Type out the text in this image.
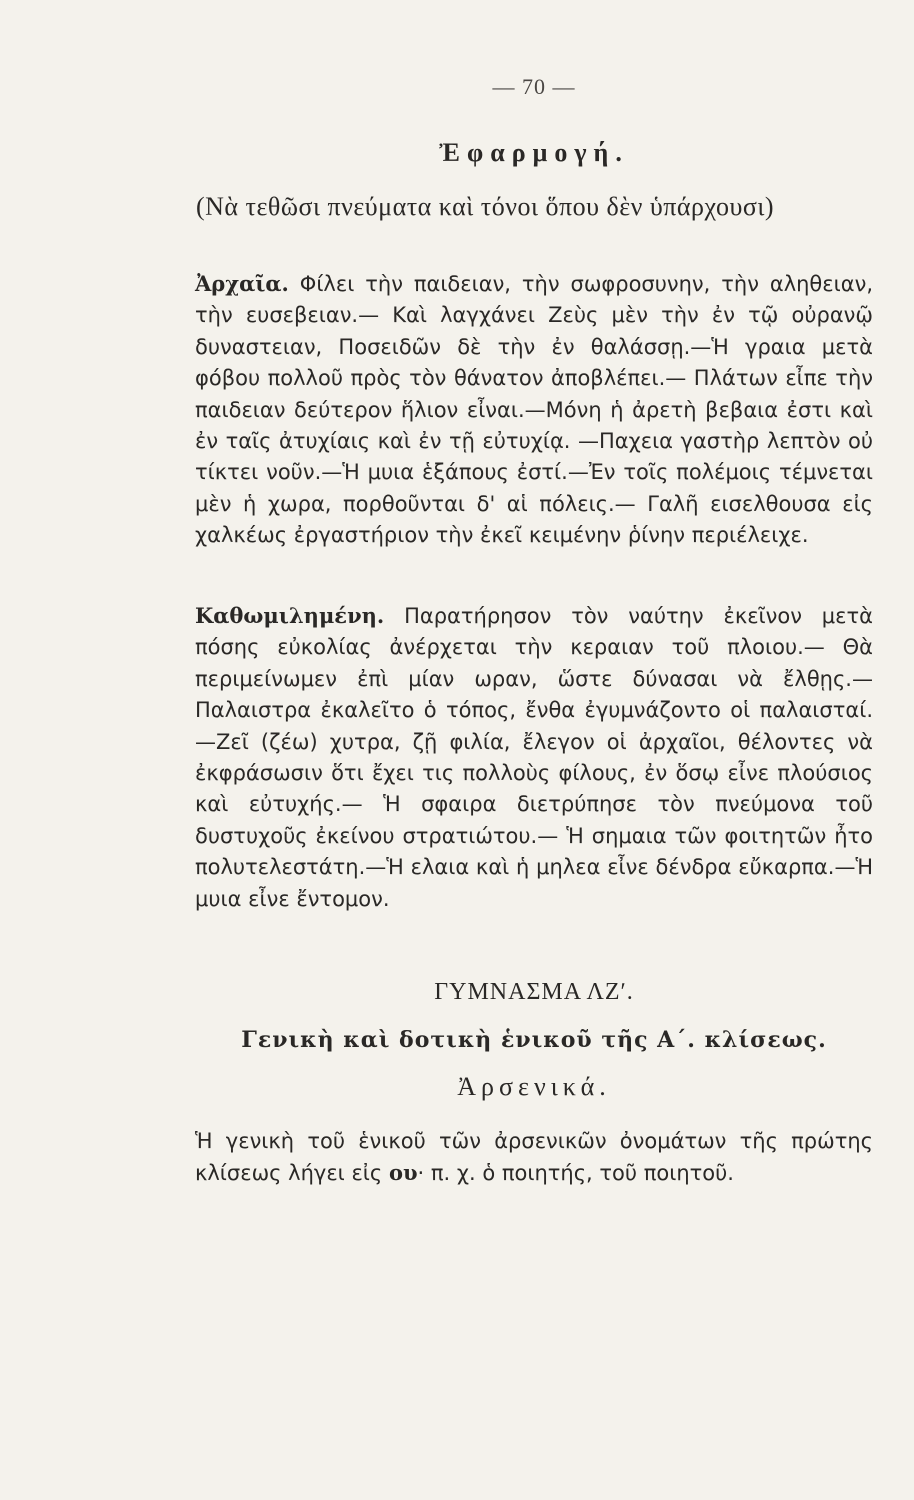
— 70 —
Ἐφαρμογή.
(Νὰ τεθῶσι πνεύματα καὶ τόνοι ὅπου δὲν ὑπάρχουσι)
Ἀρχαῖα. Φίλει τὴν παιδειαν, τὴν σωφροσυνην, τὴν αληθειαν, τὴν ευσεβειαν.— Καὶ λαγχάνει Ζεὺς μὲν τὴν ἐν τῷ οὐρανῷ δυναστειαν, Ποσειδῶν δὲ τὴν ἐν θαλάσσῃ.—Ἡ γραια μετὰ φόβου πολλοῦ πρὸς τὸν θάνατον ἀποβλέπει.— Πλάτων εἶπε τὴν παιδειαν δεύτερον ἥλιον εἶναι.—Μόνη ἡ ἀρετὴ βεβαια ἐστι καὶ ἐν ταῖς ἀτυχίαις καὶ ἐν τῇ εὐτυχίᾳ. —Παχεια γαστὴρ λεπτὸν οὐ τίκτει νοῦν.—Ἡ μυια ἑξάπους ἐστί.—Ἐν τοῖς πολέμοις τέμνεται μὲν ἡ χωρα, πορθοῦνται δ' αἱ πόλεις.— Γαλῆ εισελθουσα εἰς χαλκέως ἐργαστήριον τὴν ἐκεῖ κειμένην ῥίνην περιέλειχε.
Καθωμιλημένη. Παρατήρησον τὸν ναύτην ἐκεῖνον μετὰ πόσης εὐκολίας ἀνέρχεται τὴν κεραιαν τοῦ πλοιου.— Θὰ περιμείνωμεν ἐπὶ μίαν ωραν, ὥστε δύνασαι νὰ ἔλθῃς.— Παλαιστρα ἐκαλεῖτο ὁ τόπος, ἔνθα ἐγυμνάζοντο οἱ παλαισταί.—Ζεῖ (ζέω) χυτρα, ζῇ φιλία, ἔλεγον οἱ ἀρχαῖοι, θέλοντες νὰ ἐκφράσωσιν ὅτι ἔχει τις πολλοὺς φίλους, ἐν ὅσῳ εἶνε πλούσιος καὶ εὐτυχής.— Ἡ σφαιρα διετρύπησε τὸν πνεύμονα τοῦ δυστυχοῦς ἐκείνου στρατιώτου.— Ἡ σημαια τῶν φοιτητῶν ἦτο πολυτελεστάτη.—Ἡ ελαια καὶ ἡ μηλεα εἶνε δένδρα εὔκαρπα.—Ἡ μυια εἶνε ἔντομον.
ΓΥΜΝΑΣΜΑ ΛΖʹ.
Γενικὴ καὶ δοτικὴ ἑνικοῦ τῆς Α΄. κλίσεως.
Ἀρσενικά.
Ἡ γενικὴ τοῦ ἑνικοῦ τῶν ἀρσενικῶν ὀνομάτων τῆς πρώτης κλίσεως λήγει εἰς ου· π. χ. ὁ ποιητής, τοῦ ποιητοῦ.
